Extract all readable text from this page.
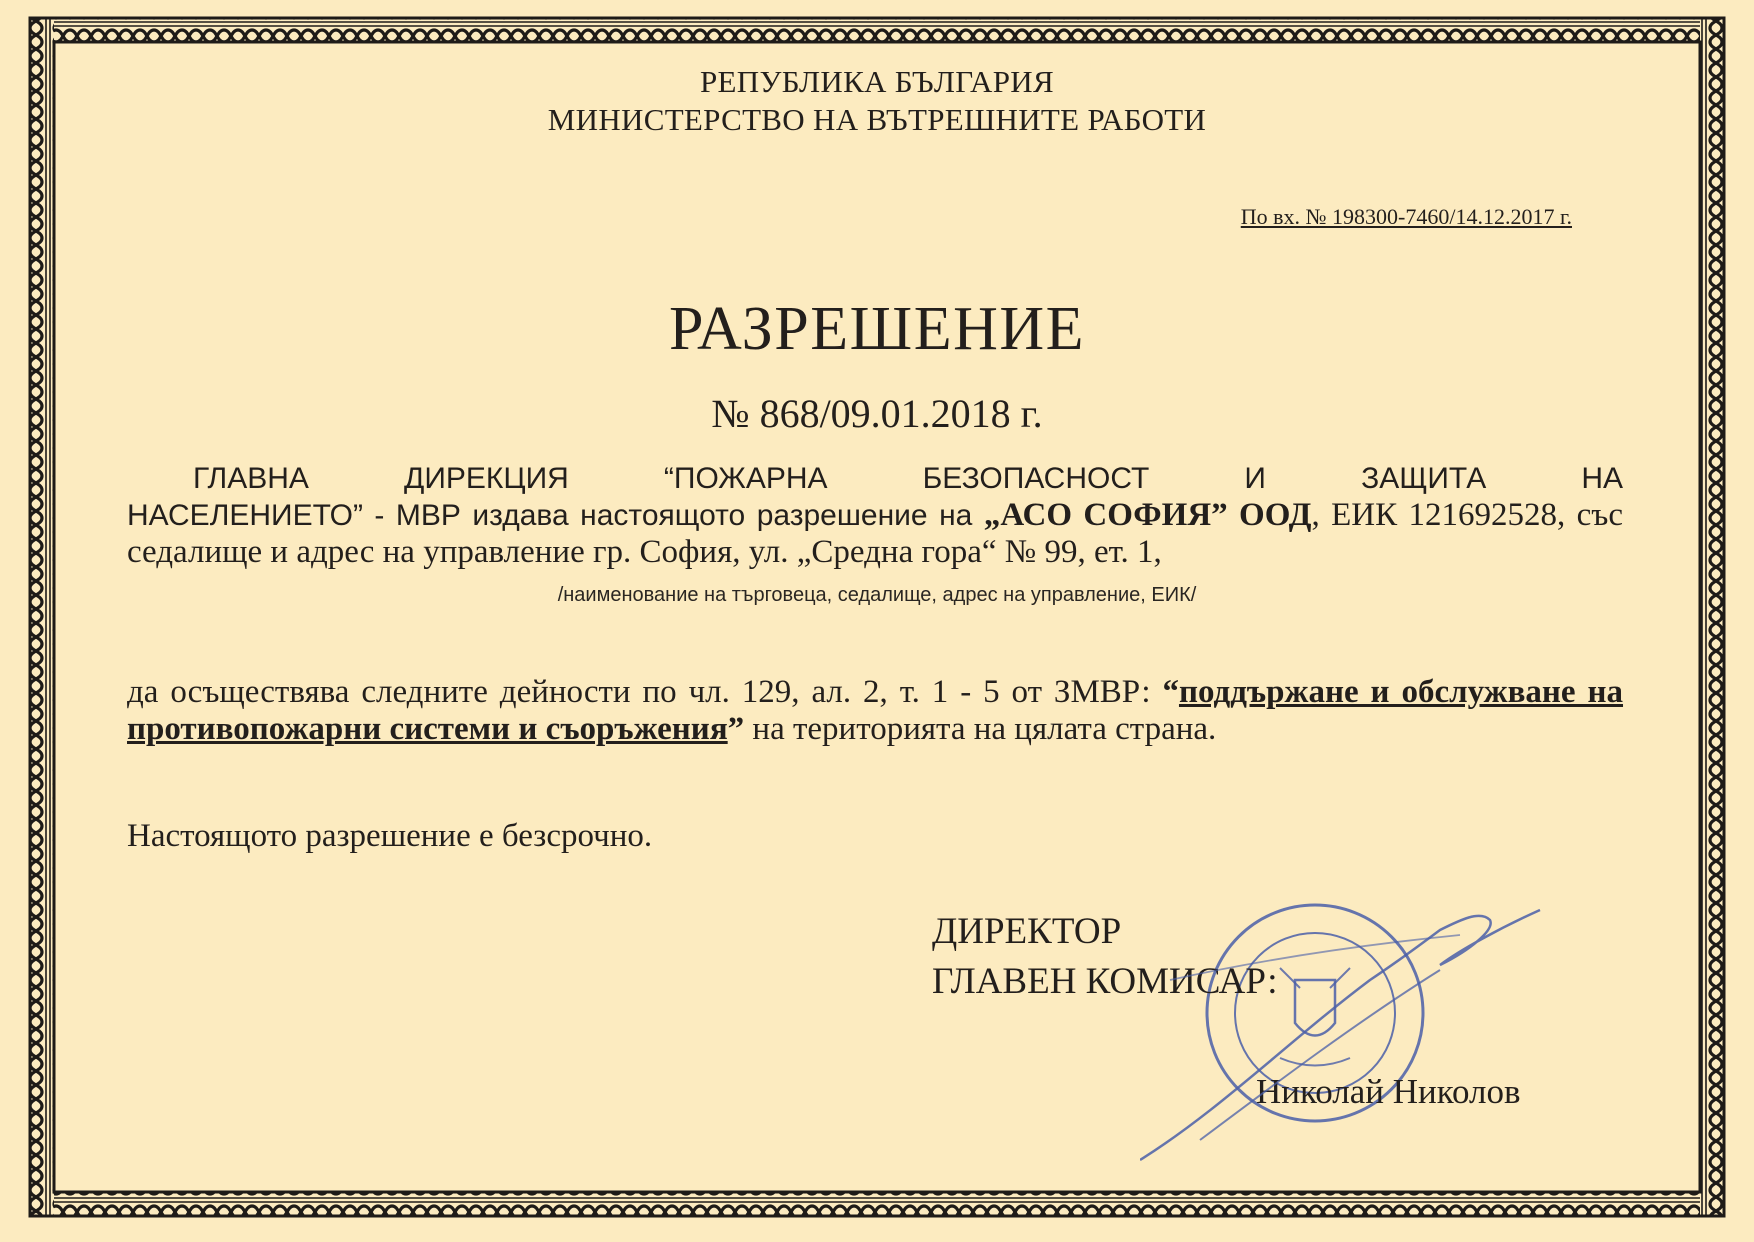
РЕПУБЛИКА БЪЛГАРИЯ
МИНИСТЕРСТВО НА ВЪТРЕШНИТЕ РАБОТИ
По вх. № 198300-7460/14.12.2017 г.
РАЗРЕШЕНИЕ
№ 868/09.01.2018 г.
ГЛАВНА ДИРЕКЦИЯ “ПОЖАРНА БЕЗОПАСНОСТ И ЗАЩИТА НА
НАСЕЛЕНИЕТО” - МВР издава настоящото разрешение на „АСО СОФИЯ” ООД, ЕИК 121692528, със седалище и адрес на управление гр. София, ул. „Средна гора“ № 99, ет. 1,
/наименование на търговеца, седалище, адрес на управление, ЕИК/
да осъществява следните дейности по чл. 129, ал. 2, т. 1 - 5 от ЗМВР: “поддържане и обслужване на противопожарни системи и съоръжения” на територията на цялата страна.
Настоящото разрешение е безсрочно.
ДИРЕКТОР
ГЛАВЕН КОМИСАР:
Николай Николов
